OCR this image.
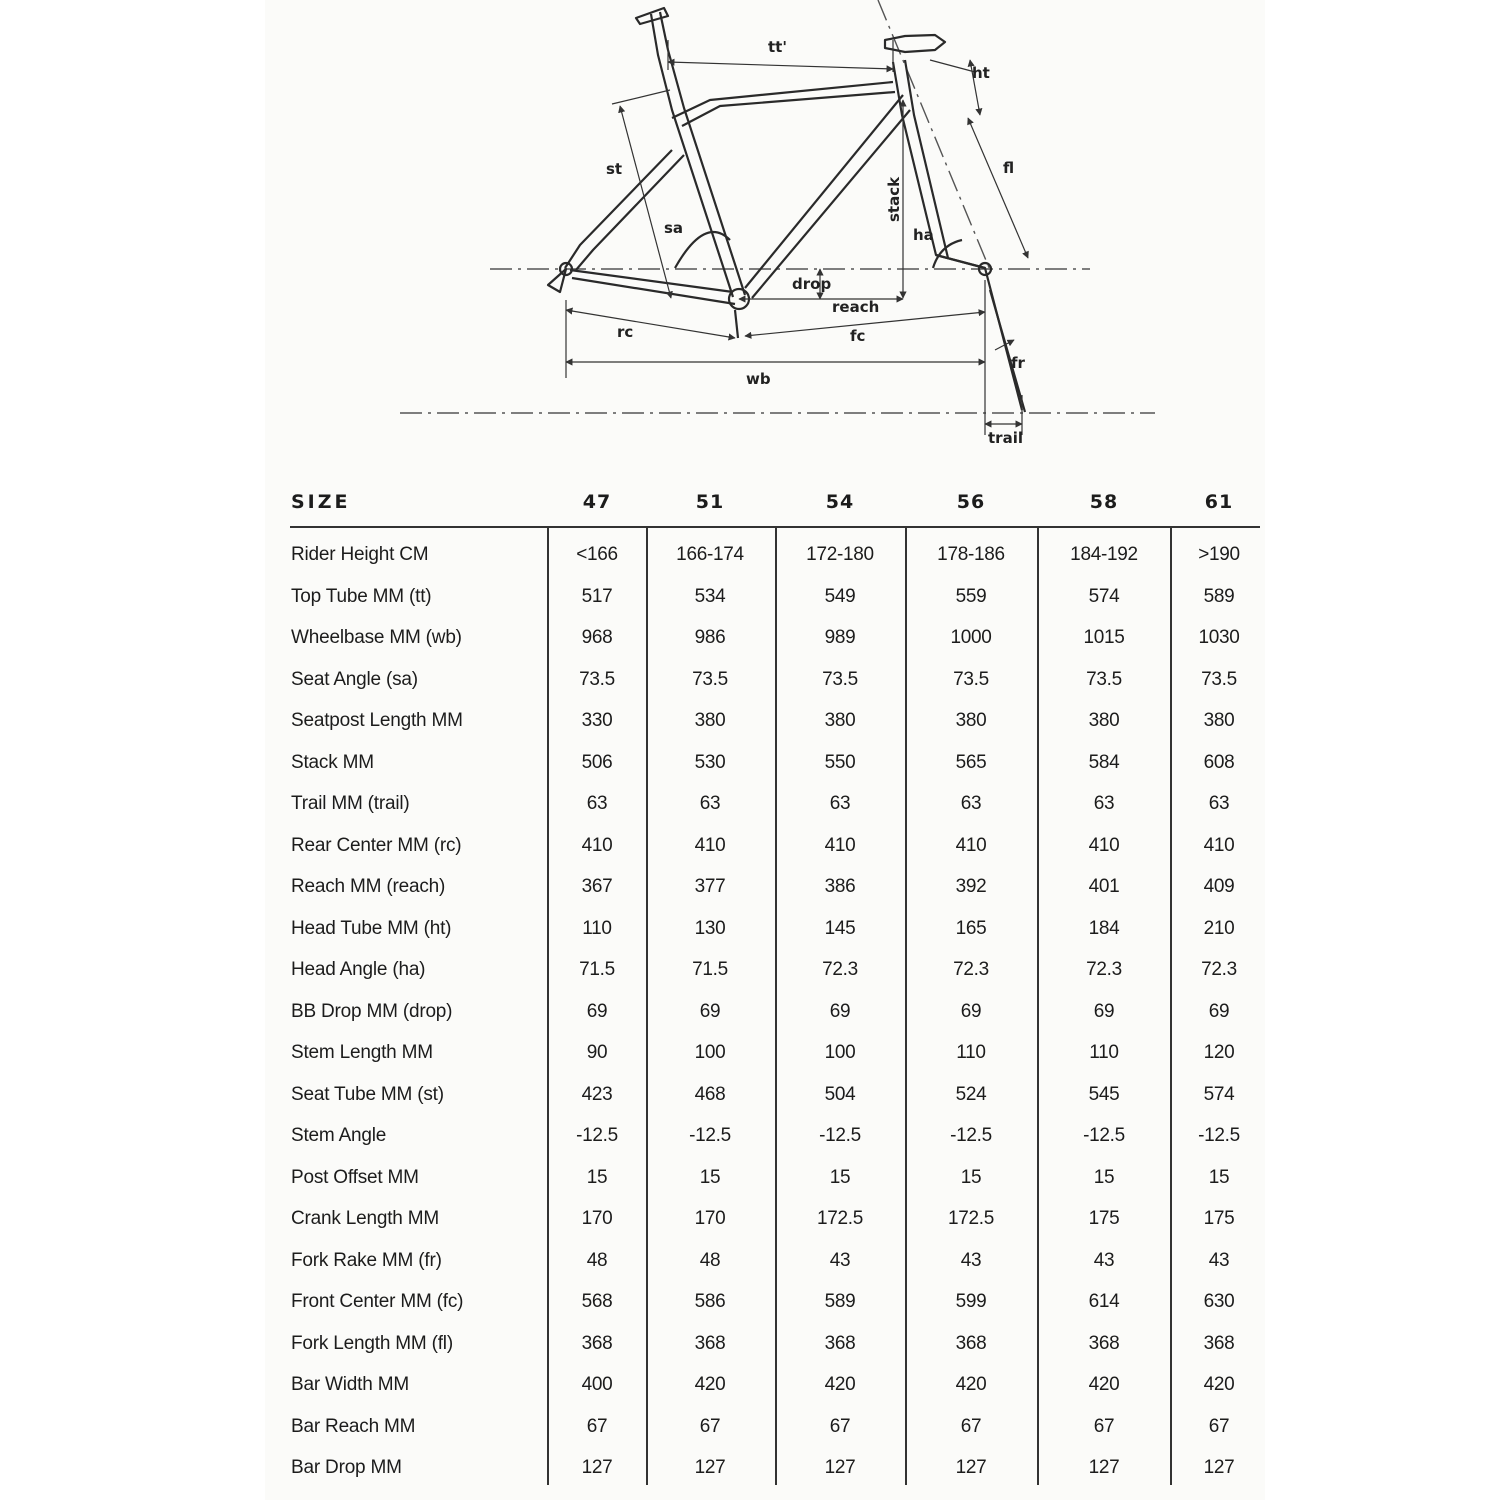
tt'
ht
st	fl
stack
sa	ha
drop
reach
rc	fc
fr
wb
trail
SIZE	47	51	54	56	58	61
Rider Height CM	<166	166-174	172-180	178-186	184-192	>190
Top Tube MM (tt)	517	534	549	559	574	589
Wheelbase MM (wb)	968	986	989	1000	1015	1030
Seat Angle (sa)	73.5	73.5	73.5	73.5	73.5	73.5
Seatpost Length MM	330	380	380	380	380	380
Stack MM	506	530	550	565	584	608
Trail MM (trail)	63	63	63	63	63	63
Rear Center MM (rc)	410	410	410	410	410	410
Reach MM (reach)	367	377	386	392	401	409
Head Tube MM (ht)	110	130	145	165	184	210
Head Angle (ha)	71.5	71.5	72.3	72.3	72.3	72.3
BB Drop MM (drop)	69	69	69	69	69	69
Stem Length MM	90	100	100	110	110	120
Seat Tube MM (st)	423	468	504	524	545	574
Stem Angle	-12.5	-12.5	-12.5	-12.5	-12.5	-12.5
Post Offset MM	15	15	15	15	15	15
Crank Length MM	170	170	172.5	172.5	175	175
Fork Rake MM (fr)	48	48	43	43	43	43
Front Center MM (fc)	568	586	589	599	614	630
Fork Length MM (fl)	368	368	368	368	368	368
Bar Width MM	400	420	420	420	420	420
Bar Reach MM	67	67	67	67	67	67
Bar Drop MM	127	127	127	127	127	127
